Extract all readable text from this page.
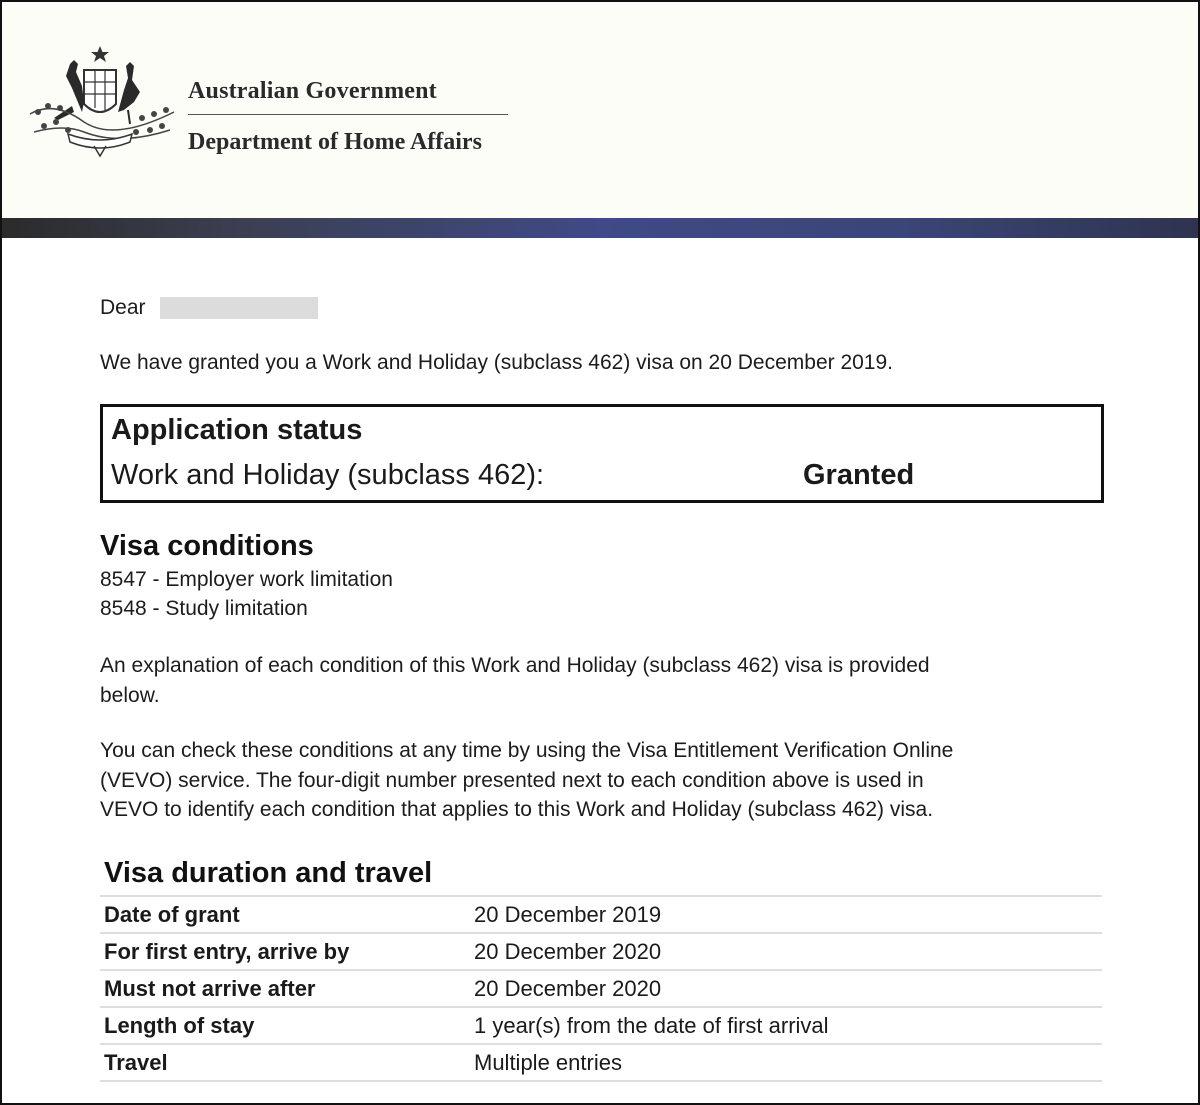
Australian Government
Department of Home Affairs
Dear
We have granted you a Work and Holiday (subclass 462) visa on 20 December 2019.
Application status
Work and Holiday (subclass 462):	Granted
Visa conditions
8547 - Employer work limitation
8548 - Study limitation
An explanation of each condition of this Work and Holiday (subclass 462) visa is provided
below.
You can check these conditions at any time by using the Visa Entitlement Verification Online
(VEVO) service. The four-digit number presented next to each condition above is used in
VEVO to identify each condition that applies to this Work and Holiday (subclass 462) visa.
Visa duration and travel
Date of grant	20 December 2019
For first entry, arrive by	20 December 2020
Must not arrive after	20 December 2020
Length of stay	1 year(s) from the date of first arrival
Travel	Multiple entries
